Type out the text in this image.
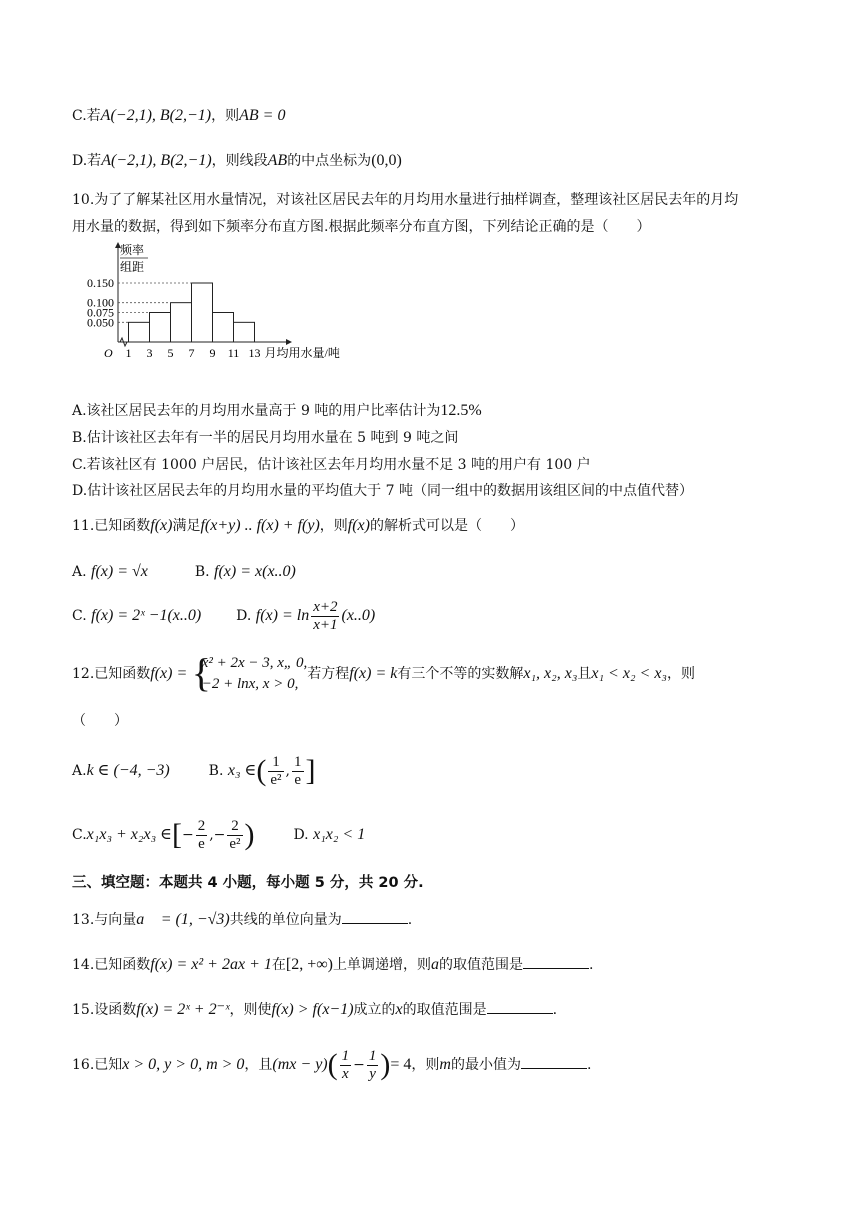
C.若A(−2,1), B(2,−1)，则AB = 0
D.若A(−2,1), B(2,−1)，则线段AB的中点坐标为(0,0)
10.为了了解某社区用水量情况，对该社区居民去年的月均用水量进行抽样调查，整理该社区居民去年的月均
用水量的数据，得到如下频率分布直方图.根据此频率分布直方图，下列结论正确的是（　　）
0.150
0.100
0.075
0.050
1 3 5 7 9 11 13
O
频率
组距
月均用水量/吨
A.该社区居民去年的月均用水量高于 9 吨的用户比率估计为12.5%
B.估计该社区去年有一半的居民月均用水量在 5 吨到 9 吨之间
C.若该社区有 1000 户居民，估计该社区去年月均用水量不足 3 吨的用户有 100 户
D.估计该社区居民去年的月均用水量的平均值大于 7 吨（同一组中的数据用该组区间的中点值代替）
11.已知函数f(x)满足f(x+y) .. f(x) + f(y)，则f(x)的解析式可以是（　　）
A. f(x) = √x	B. f(x) = x(x..0)
C. f(x) = 2ˣ −1(x..0) D. $f(x) = \ln \frac{x+2}{x+1} (x..0)$
12.已知函数f(x) = {
x² + 2x − 3, x„ 0,
−2 + lnx, x > 0,
若方程f(x) = k有三个不等的实数解x₁, x₂, x₃且x₁ < x₂ < x₃，则
（　　）
A.k ∈ (−4, −3)	B. x₃ ∈( $\frac{1}{\text{e²}}$ , $\frac{1}{e}$ ]
C.x₁x₃ + x₂x₃ ∈[− $\frac{2}{e}$ ,− $\frac{2}{\text{e²}}$ )	D. x₁x₂ < 1
三、填空题：本题共 4 小题，每小题 5 分，共 20 分.
13.与向量a⃗ = (1, −√3)共线的单位向量为	.
14.已知函数f(x) = x² + 2ax + 1在[2, +∞)上单调递增，则a的取值范围是	.
15.设函数f(x) = 2ˣ + 2⁻ˣ，则使f(x) > f(x−1)成立的x的取值范围是	.
16.已知x > 0, y > 0, m > 0，且$(mx - y)( \frac{1}{x} - \frac{1}{y}$ )= 4，则m的最小值为	.
